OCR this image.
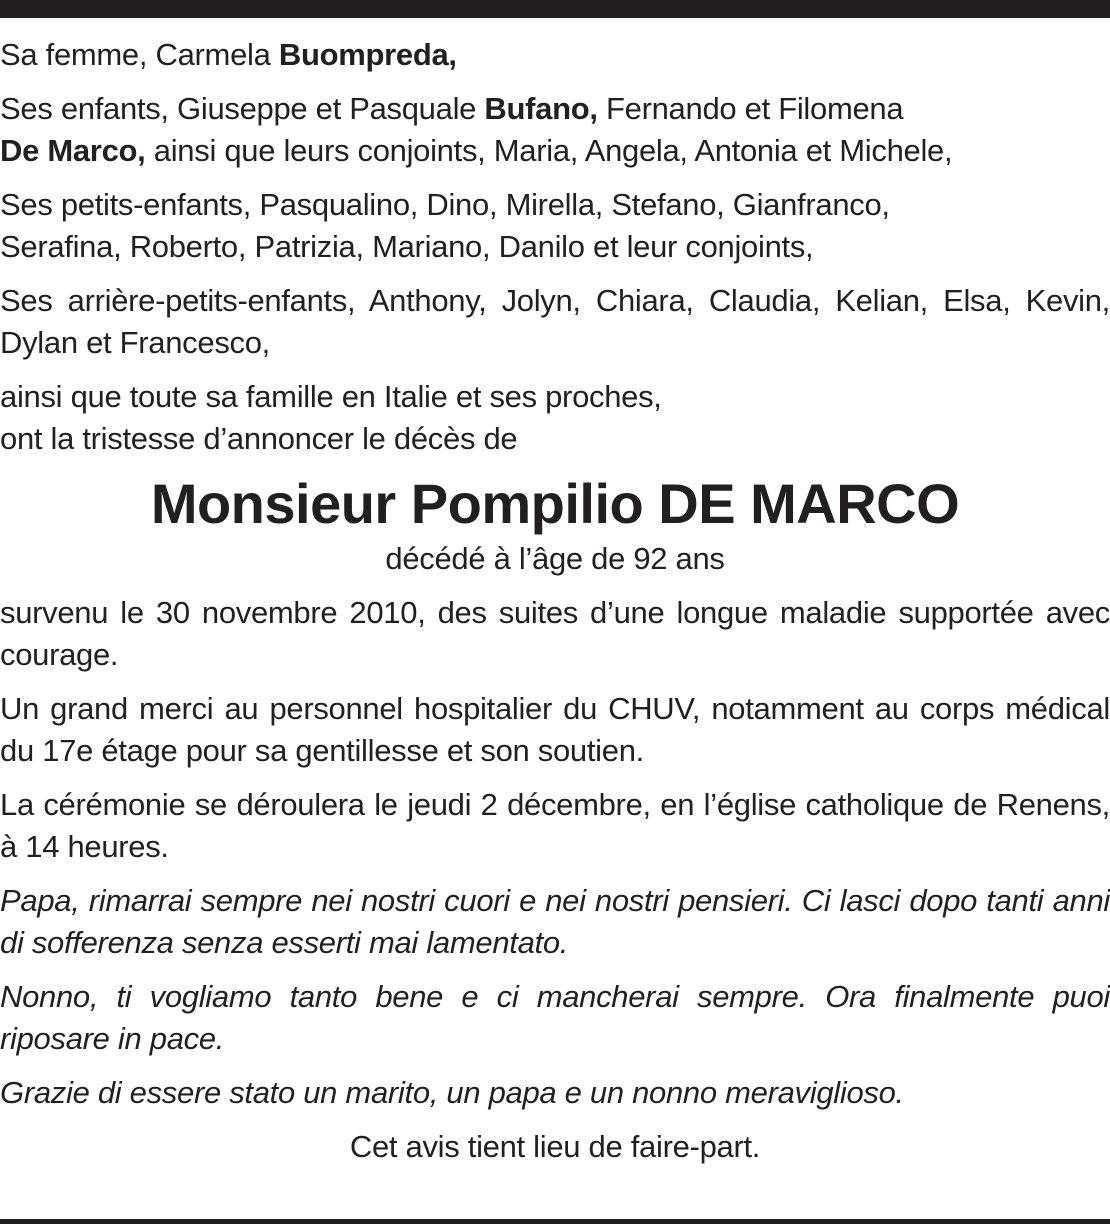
Sa femme, Carmela Buompreda,

Ses enfants, Giuseppe et Pasquale Bufano, Fernando et Filomena
De Marco, ainsi que leurs conjoints, Maria, Angela, Antonia et Michele,

Ses petits-enfants, Pasqualino, Dino, Mirella, Stefano, Gianfranco,
Serafina, Roberto, Patrizia, Mariano, Danilo et leur conjoints,

Ses arrière-petits-enfants, Anthony, Jolyn, Chiara, Claudia, Kelian, Elsa, Kevin, Dylan et Francesco,

ainsi que toute sa famille en Italie et ses proches,
ont la tristesse d’annoncer le décès de

Monsieur Pompilio DE MARCO

décédé à l’âge de 92 ans

survenu le 30 novembre 2010, des suites d’une longue maladie supportée avec courage.

Un grand merci au personnel hospitalier du CHUV, notamment au corps médical du 17e étage pour sa gentillesse et son soutien.

La cérémonie se déroulera le jeudi 2 décembre, en l’église catholique de Renens, à 14 heures.

Papa, rimarrai sempre nei nostri cuori e nei nostri pensieri. Ci lasci dopo tanti anni di sofferenza senza esserti mai lamentato.

Nonno, ti vogliamo tanto bene e ci mancherai sempre. Ora finalmente puoi riposare in pace.

Grazie di essere stato un marito, un papa e un nonno meraviglioso.

Cet avis tient lieu de faire-part.
